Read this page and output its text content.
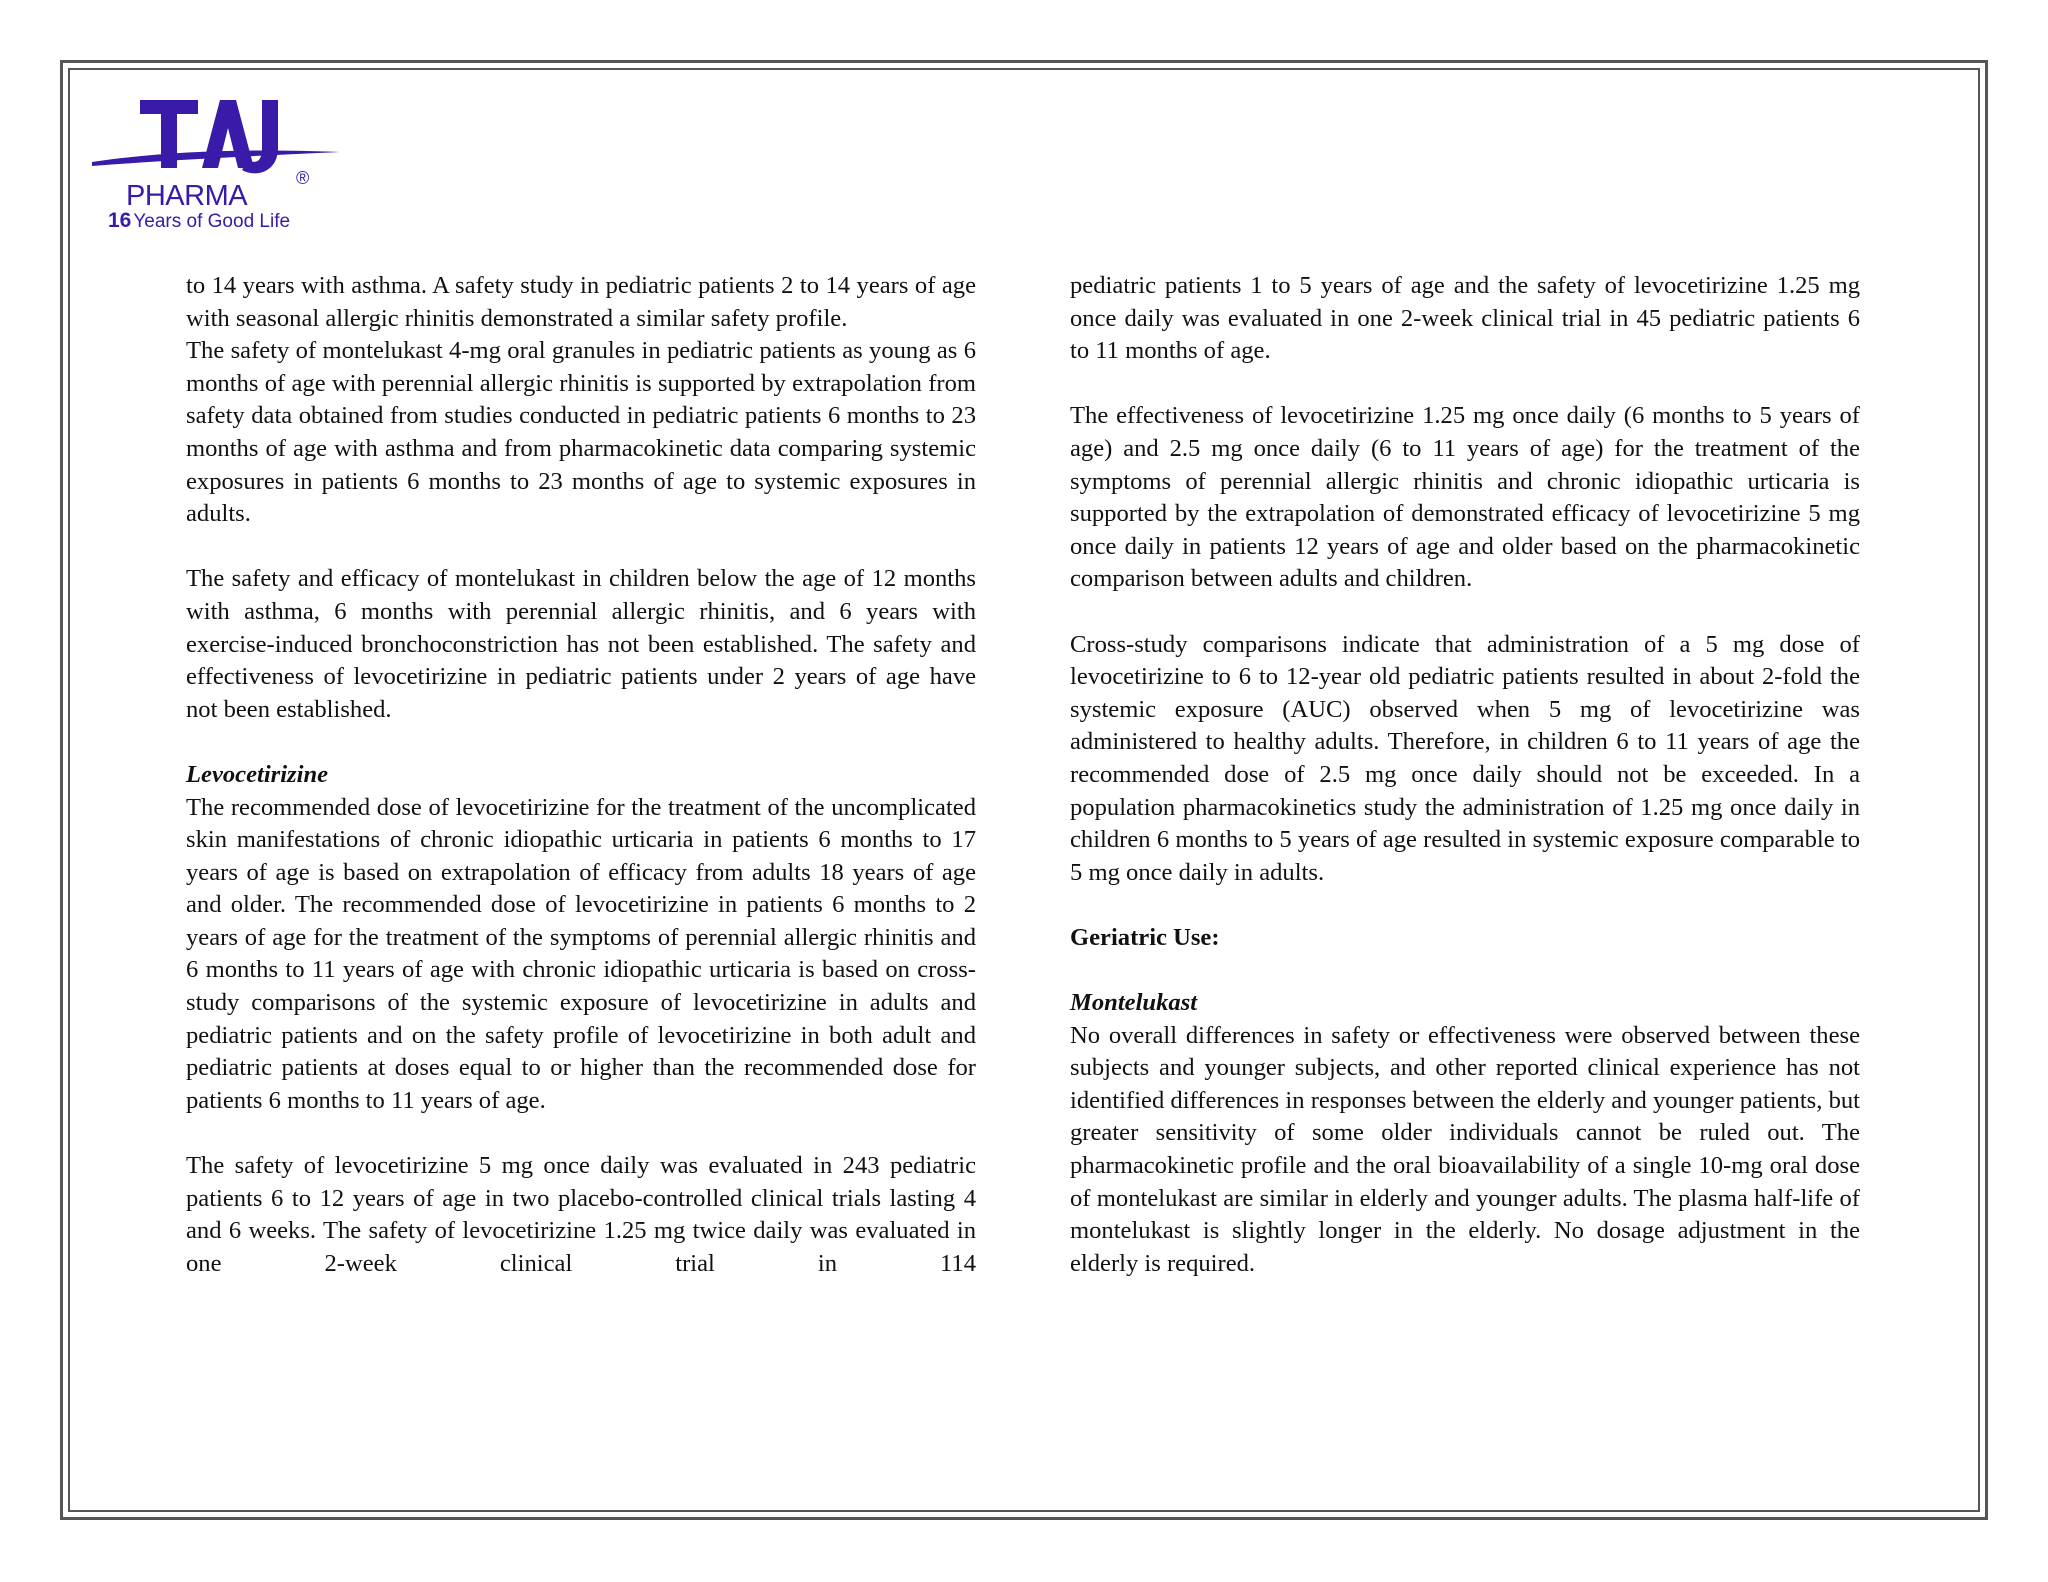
®
PHARMA
16 Years of Good Life

to 14 years with asthma. A safety study in pediatric patients 2 to 14 years of age with seasonal allergic rhinitis demonstrated a similar safety profile.

The safety of montelukast 4-mg oral granules in pediatric patients as young as 6 months of age with perennial allergic rhinitis is supported by extrapolation from safety data obtained from studies conducted in pediatric patients 6 months to 23 months of age with asthma and from pharmacokinetic data comparing systemic exposures in patients 6 months to 23 months of age to systemic exposures in adults.

The safety and efficacy of montelukast in children below the age of 12 months with asthma, 6 months with perennial allergic rhinitis, and 6 years with exercise-induced bronchoconstriction has not been established. The safety and effectiveness of levocetirizine in pediatric patients under 2 years of age have not been established.

Levocetirizine

The recommended dose of levocetirizine for the treatment of the uncomplicated skin manifestations of chronic idiopathic urticaria in patients 6 months to 17 years of age is based on extrapolation of efficacy from adults 18 years of age and older. The recommended dose of levocetirizine in patients 6 months to 2 years of age for the treatment of the symptoms of perennial allergic rhinitis and 6 months to 11 years of age with chronic idiopathic urticaria is based on cross-study comparisons of the systemic exposure of levocetirizine in adults and pediatric patients and on the safety profile of levocetirizine in both adult and pediatric patients at doses equal to or higher than the recommended dose for patients 6 months to 11 years of age.

The safety of levocetirizine 5 mg once daily was evaluated in 243 pediatric patients 6 to 12 years of age in two placebo-controlled clinical trials lasting 4 and 6 weeks. The safety of levocetirizine 1.25 mg twice daily was evaluated in one 2-week clinical trial in 114

pediatric patients 1 to 5 years of age and the safety of levocetirizine 1.25 mg once daily was evaluated in one 2-week clinical trial in 45 pediatric patients 6 to 11 months of age.

The effectiveness of levocetirizine 1.25 mg once daily (6 months to 5 years of age) and 2.5 mg once daily (6 to 11 years of age) for the treatment of the symptoms of perennial allergic rhinitis and chronic idiopathic urticaria is supported by the extrapolation of demonstrated efficacy of levocetirizine 5 mg once daily in patients 12 years of age and older based on the pharmacokinetic comparison between adults and children.

Cross-study comparisons indicate that administration of a 5 mg dose of levocetirizine to 6 to 12-year old pediatric patients resulted in about 2-fold the systemic exposure (AUC) observed when 5 mg of levocetirizine was administered to healthy adults. Therefore, in children 6 to 11 years of age the recommended dose of 2.5 mg once daily should not be exceeded. In a population pharmacokinetics study the administration of 1.25 mg once daily in children 6 months to 5 years of age resulted in systemic exposure comparable to 5 mg once daily in adults.

Geriatric Use:

Montelukast

No overall differences in safety or effectiveness were observed between these subjects and younger subjects, and other reported clinical experience has not identified differences in responses between the elderly and younger patients, but greater sensitivity of some older individuals cannot be ruled out. The pharmacokinetic profile and the oral bioavailability of a single 10-mg oral dose of montelukast are similar in elderly and younger adults. The plasma half-life of montelukast is slightly longer in the elderly. No dosage adjustment in the elderly is required.
